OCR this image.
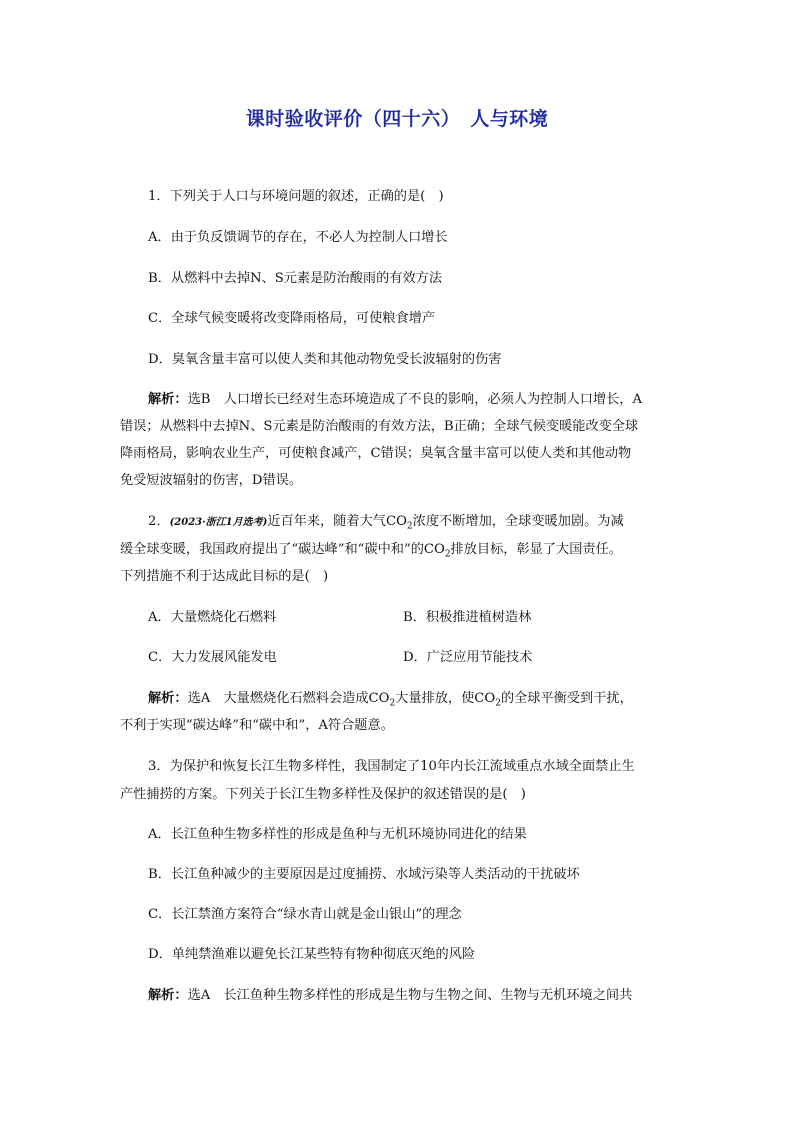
课时验收评价（四十六）　人与环境
1．下列关于人口与环境问题的叙述，正确的是(　)
A．由于负反馈调节的存在，不必人为控制人口增长
B．从燃料中去掉N、S元素是防治酸雨的有效方法
C．全球气候变暖将改变降雨格局，可使粮食增产
D．臭氧含量丰富可以使人类和其他动物免受长波辐射的伤害
解析：选B　人口增长已经对生态环境造成了不良的影响，必须人为控制人口增长，A
错误；从燃料中去掉N、S元素是防治酸雨的有效方法，B正确；全球气候变暖能改变全球
降雨格局，影响农业生产，可使粮食减产，C错误；臭氧含量丰富可以使人类和其他动物
免受短波辐射的伤害，D错误。
2．(2023·浙江1月选考)近百年来，随着大气$CO_2$浓度不断增加，全球变暖加剧。为减
缓全球变暖，我国政府提出了“碳达峰”和“碳中和”的$CO_2$排放目标，彰显了大国责任。
下列措施不利于达成此目标的是(　)
A．大量燃烧化石燃料	B．积极推进植树造林
C．大力发展风能发电	D．广泛应用节能技术
解析：选A　大量燃烧化石燃料会造成$CO_2$大量排放，使$CO_2$的全球平衡受到干扰，
不利于实现“碳达峰”和“碳中和”，A符合题意。
3．为保护和恢复长江生物多样性，我国制定了10年内长江流域重点水域全面禁止生
产性捕捞的方案。下列关于长江生物多样性及保护的叙述错误的是(　)
A．长江鱼种生物多样性的形成是鱼种与无机环境协同进化的结果
B．长江鱼种减少的主要原因是过度捕捞、水域污染等人类活动的干扰破坏
C．长江禁渔方案符合“绿水青山就是金山银山”的理念
D．单纯禁渔难以避免长江某些特有物种彻底灭绝的风险
解析：选A　长江鱼种生物多样性的形成是生物与生物之间、生物与无机环境之间共
